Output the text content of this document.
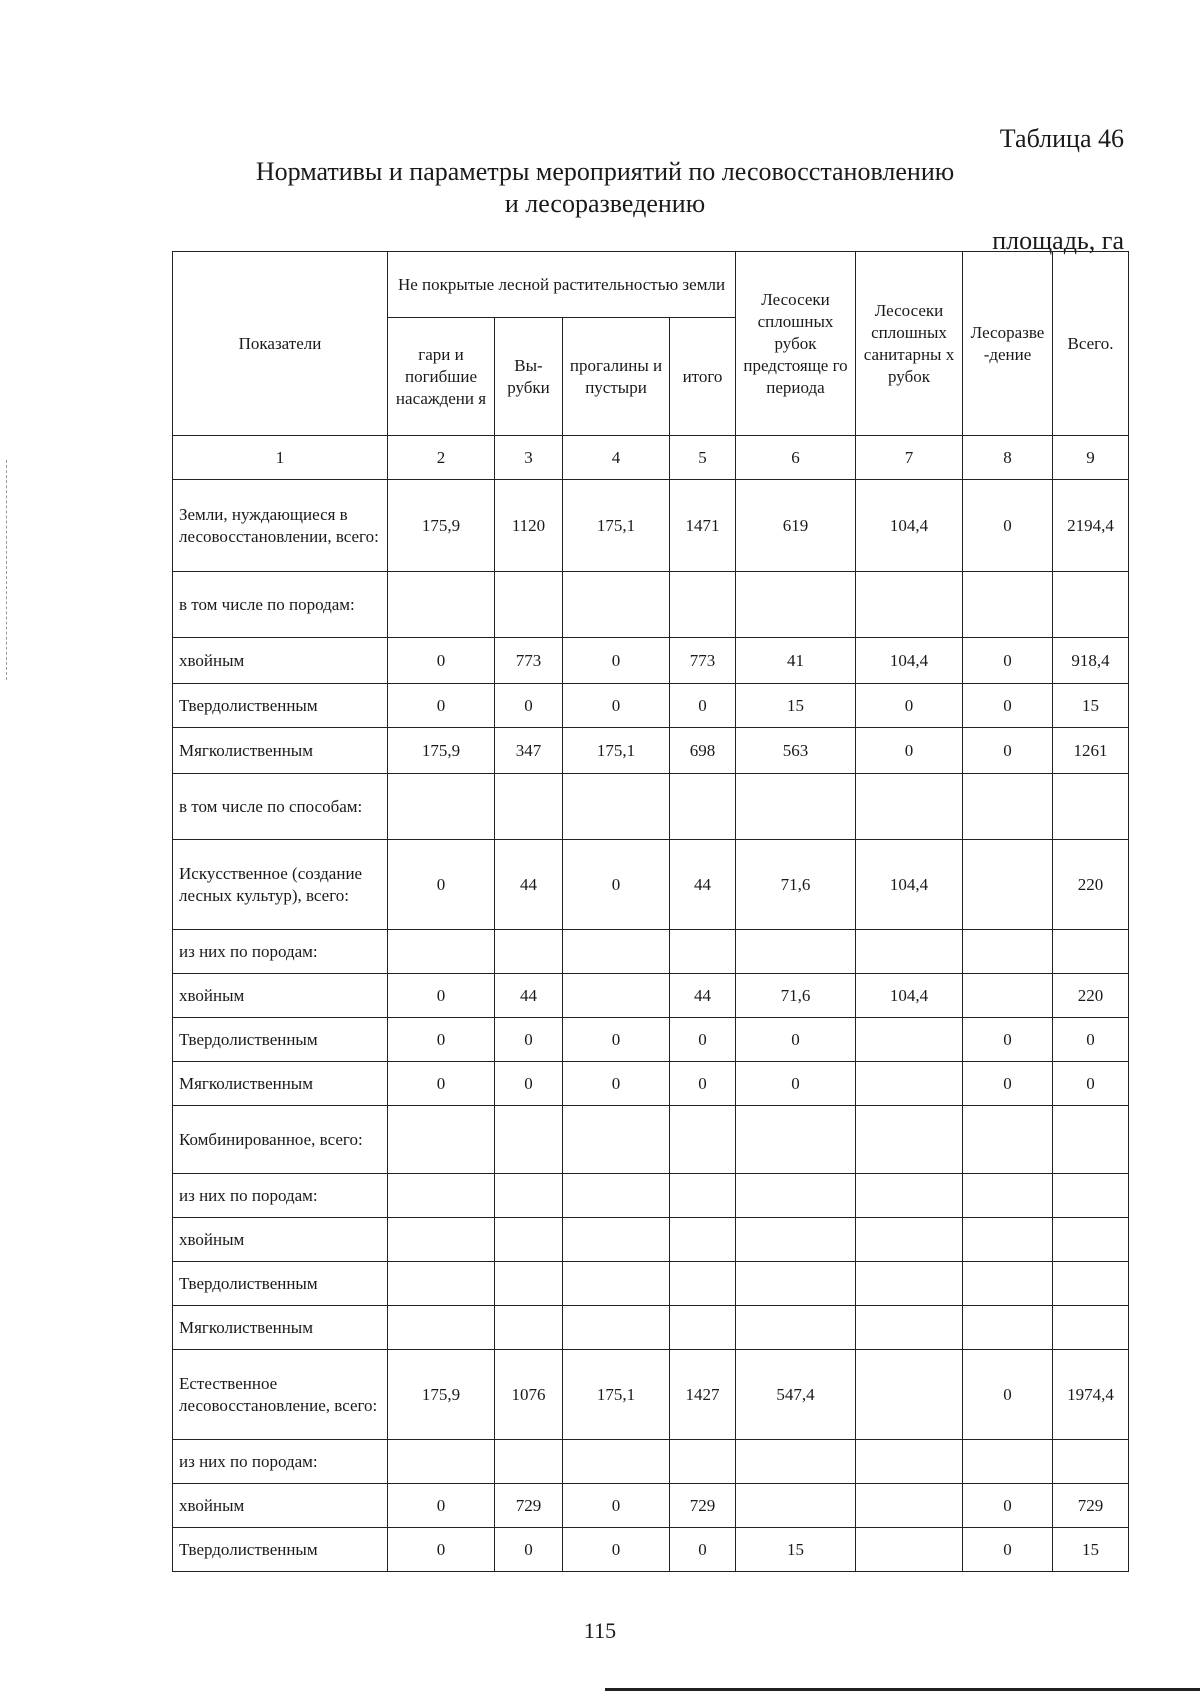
Таблица 46
Нормативы и параметры мероприятий по лесовосстановлению
и лесоразведению
площадь, га
Показатели	Не покрытые лесной растительностью земли				Лесосеки сплошных рубок предстояще го периода	Лесосеки сплошных санитарны х рубок	Лесоразве -дение	Всего.
	гари и погибшие насаждени я	Вы- рубки	прогалины и пустыри	итого				
1	2	3	4	5	6	7	8	9
Земли, нуждающиеся в лесовосстановлении, всего:	175,9	1120	175,1	1471	619	104,4	0	2194,4
в том числе по породам:								
хвойным	0	773	0	773	41	104,4	0	918,4
Твердолиственным	0	0	0	0	15	0	0	15
Мягколиственным	175,9	347	175,1	698	563	0	0	1261
в том числе по способам:								
Искусственное (создание лесных культур), всего:	0	44	0	44	71,6	104,4		220
из них по породам:								
хвойным	0	44		44	71,6	104,4		220
Твердолиственным	0	0	0	0	0		0	0
Мягколиственным	0	0	0	0	0		0	0
Комбинированное, всего:								
из них по породам:								
хвойным								
Твердолиственным								
Мягколиственным								
Естественное лесовосстановление, всего:	175,9	1076	175,1	1427	547,4		0	1974,4
из них по породам:								
хвойным	0	729	0	729			0	729
Твердолиственным	0	0	0	0	15		0	15
115
